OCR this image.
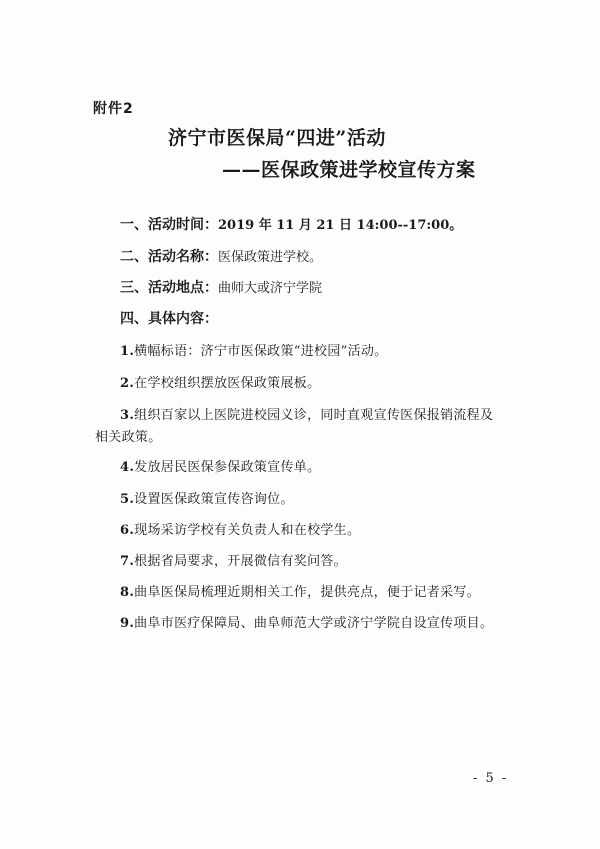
附件2
济宁市医保局“四进”活动
——医保政策进学校宣传方案
一、活动时间：2019 年 11 月 21 日 14:00--17:00。
二、活动名称：医保政策进学校。
三、活动地点：曲师大或济宁学院
四、具体内容：
1.横幅标语：济宁市医保政策“进校园”活动。
2.在学校组织摆放医保政策展板。
3.组织百家以上医院进校园义诊，同时直观宣传医保报销流程及
相关政策。
4.发放居民医保参保政策宣传单。
5.设置医保政策宣传咨询位。
6.现场采访学校有关负责人和在校学生。
7.根据省局要求，开展微信有奖问答。
8.曲阜医保局梳理近期相关工作，提供亮点，便于记者采写。
9.曲阜市医疗保障局、曲阜师范大学或济宁学院自设宣传项目。
- 5 -
